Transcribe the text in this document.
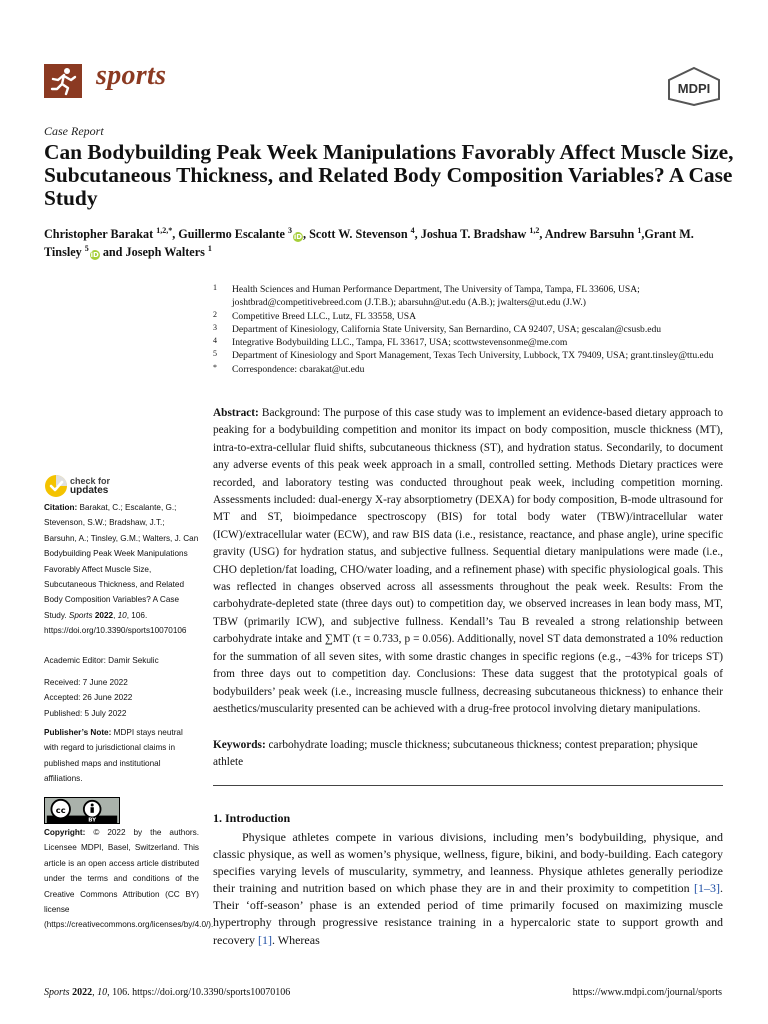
sports	MDPI
Case Report
Can Bodybuilding Peak Week Manipulations Favorably Affect Muscle Size, Subcutaneous Thickness, and Related Body Composition Variables? A Case Study
Christopher Barakat $^{1,2,*}$, Guillermo Escalante $^3$iD, Scott W. Stevenson $^4$, Joshua T. Bradshaw $^{1,2}$, Andrew Barsuhn $^1$,Grant M. Tinsley $^5$iD and Joseph Walters $^1$
1 Health Sciences and Human Performance Department, The University of Tampa, Tampa, FL 33606, USA; joshtbrad@competitivebreed.com (J.T.B.); abarsuhn@ut.edu (A.B.); jwalters@ut.edu (J.W.)
2 Competitive Breed LLC., Lutz, FL 33558, USA
3 Department of Kinesiology, California State University, San Bernardino, CA 92407, USA; gescalan@csusb.edu
4 Integrative Bodybuilding LLC., Tampa, FL 33617, USA; scottwstevensonme@me.com
5 Department of Kinesiology and Sport Management, Texas Tech University, Lubbock, TX 79409, USA; grant.tinsley@ttu.edu
* Correspondence: cbarakat@ut.edu
Abstract: Background: The purpose of this case study was to implement an evidence-based dietary approach to peaking for a bodybuilding competition and monitor its impact on body composition, muscle thickness (MT), intra-to-extra-cellular fluid shifts, subcutaneous thickness (ST), and hydration status. Secondarily, to document any adverse events of this peak week approach in a small, controlled setting. Methods Dietary practices were recorded, and laboratory testing was conducted throughout peak week, including competition morning. Assessments included: dual-energy X-ray absorptiometry (DEXA) for body composition, B-mode ultrasound for MT and ST, bioimpedance spectroscopy (BIS) for total body water (TBW)/intracellular water (ICW)/extracellular water (ECW), and raw BIS data (i.e., resistance, reactance, and phase angle), urine specific gravity (USG) for hydration status, and subjective fullness. Sequential dietary manipulations were made (i.e., CHO depletion/fat loading, CHO/water loading, and a refinement phase) with specific physiological goals. This was reflected in changes observed across all assessments throughout the peak week. Results: From the carbohydrate-depleted state (three days out) to competition day, we observed increases in lean body mass, MT, TBW (primarily ICW), and subjective fullness. Kendall’s Tau B revealed a strong relationship between carbohydrate intake and ∑MT (τ = 0.733, p = 0.056). Additionally, novel ST data demonstrated a 10% reduction for the summation of all seven sites, with some drastic changes in specific regions (e.g., −43% for triceps ST) from three days out to competition day. Conclusions: These data suggest that the prototypical goals of bodybuilders’ peak week (i.e., increasing muscle fullness, decreasing subcutaneous thickness) to enhance their aesthetics/muscularity presented can be achieved with a drug-free protocol involving dietary manipulations.
Keywords: carbohydrate loading; muscle thickness; subcutaneous thickness; contest preparation; physique athlete
1. Introduction
Physique athletes compete in various divisions, including men’s bodybuilding, physique, and classic physique, as well as women’s physique, wellness, figure, bikini, and body-building. Each category specifies varying levels of muscularity, symmetry, and leanness. Physique athletes generally periodize their training and nutrition based on which phase they are in and their proximity to competition [1–3]. Their ‘off-season’ phase is an extended period of time primarily focused on maximizing muscle hypertrophy through progressive resistance training in a hypercaloric state to support growth and recovery [1]. Whereas
check for
updates
Citation: Barakat, C.; Escalante, G.; Stevenson, S.W.; Bradshaw, J.T.; Barsuhn, A.; Tinsley, G.M.; Walters, J. Can Bodybuilding Peak Week Manipulations Favorably Affect Muscle Size, Subcutaneous Thickness, and Related Body Composition Variables? A Case Study. Sports 2022, 10, 106. https://doi.org/10.3390/sports10070106
Academic Editor: Damir Sekulic
Received: 7 June 2022
Accepted: 26 June 2022
Published: 5 July 2022
Publisher’s Note: MDPI stays neutral with regard to jurisdictional claims in published maps and institutional affiliations.
cc
BY
Copyright: © 2022 by the authors. Licensee MDPI, Basel, Switzerland. This article is an open access article distributed under the terms and conditions of the Creative Commons Attribution (CC BY) license (https://creativecommons.org/licenses/by/4.0/).
Sports 2022, 10, 106. https://doi.org/10.3390/sports10070106	https://www.mdpi.com/journal/sports
